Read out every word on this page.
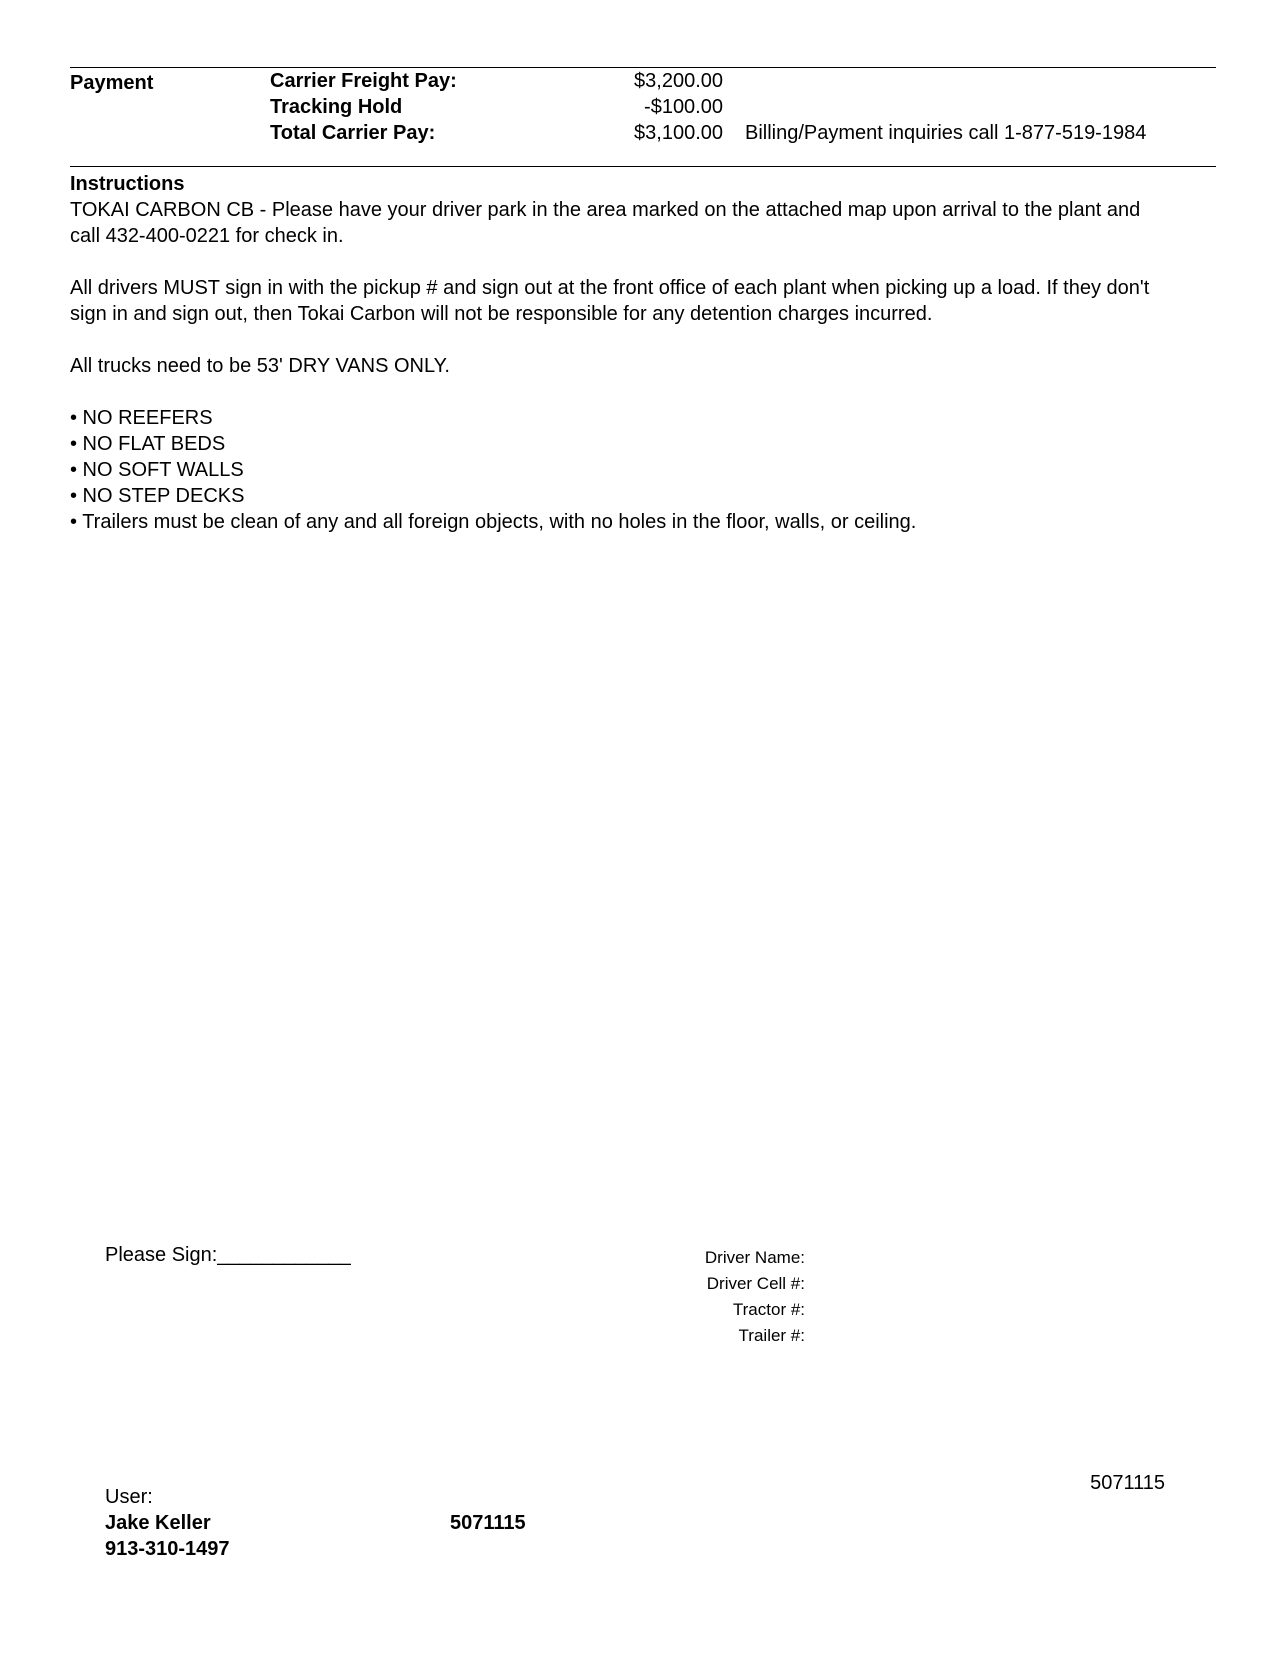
Payment	Carrier Freight Pay:	$3,200.00
Tracking Hold	-$100.00
Total Carrier Pay:	$3,100.00 Billing/Payment inquiries call 1-877-519-1984
Instructions

TOKAI CARBON CB - Please have your driver park in the area marked on the attached map upon arrival to the plant and call 432-400-0221 for check in.

All drivers MUST sign in with the pickup # and sign out at the front office of each plant when picking up a load. If they don't sign in and sign out, then Tokai Carbon will not be responsible for any detention charges incurred.

All trucks need to be 53' DRY VANS ONLY.

• NO REEFERS
• NO FLAT BEDS
• NO SOFT WALLS
• NO STEP DECKS
• Trailers must be clean of any and all foreign objects, with no holes in the floor, walls, or ceiling.
Please Sign:____________	Driver Name:
Driver Cell #:
Tractor #:
Trailer #:
5071115
User:
Jake Keller	5071115
913-310-1497
